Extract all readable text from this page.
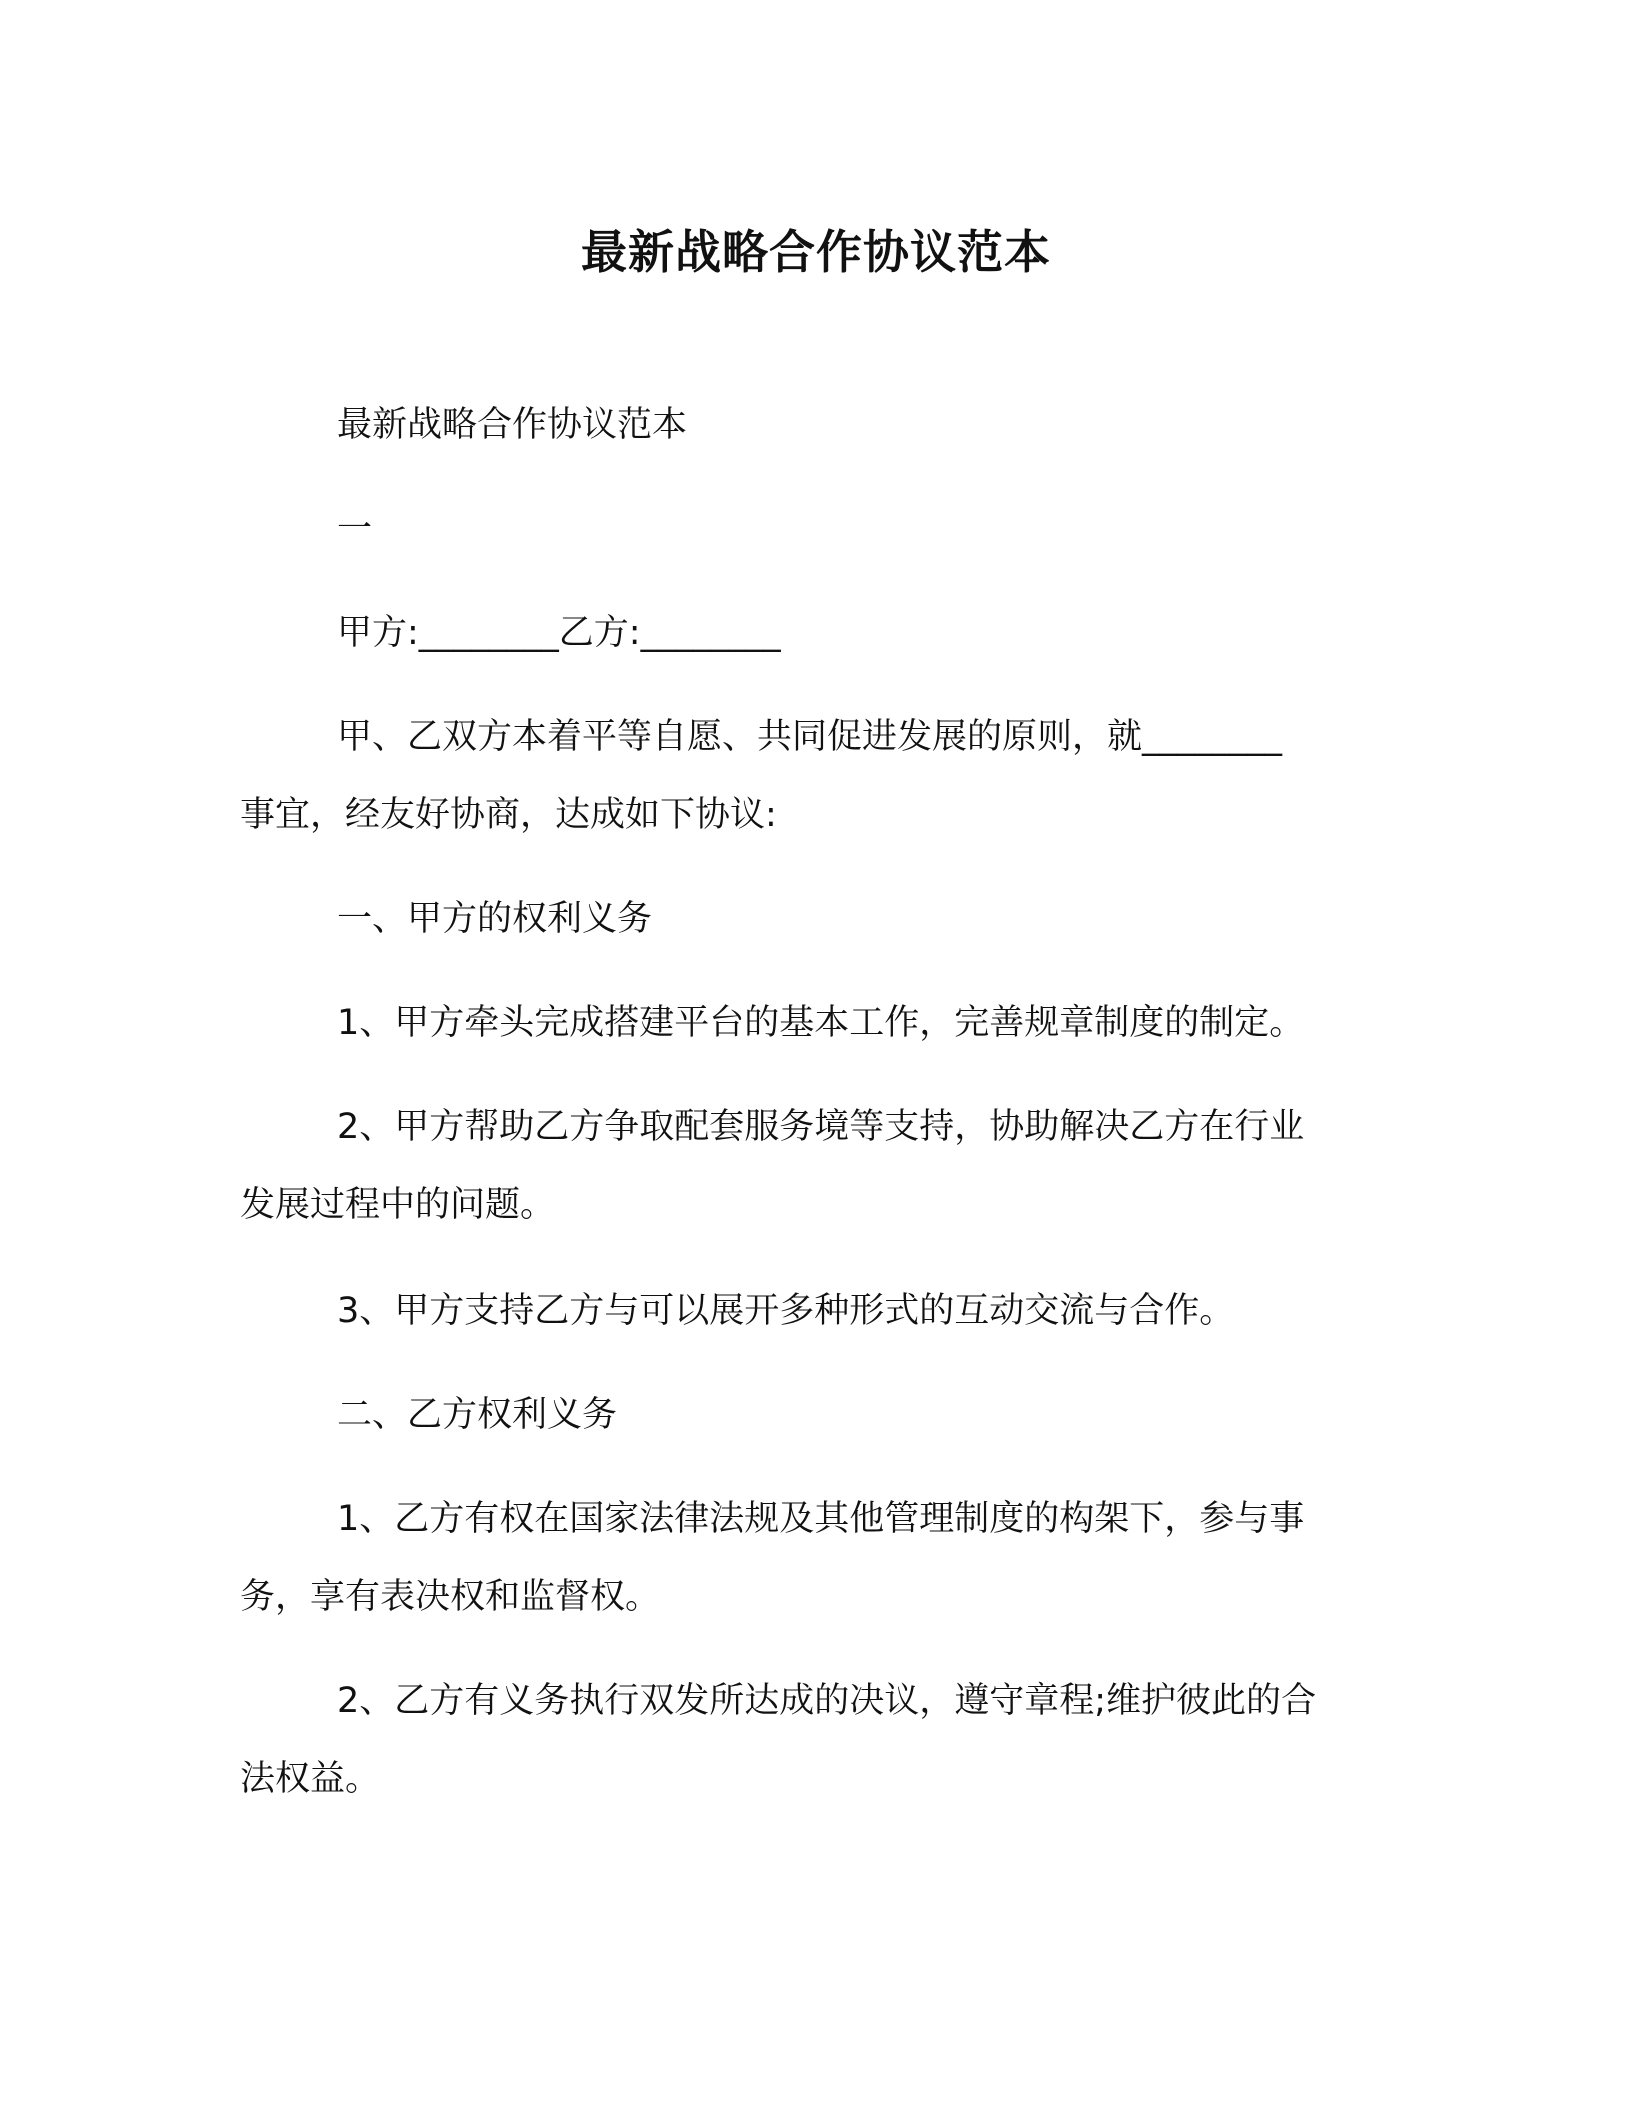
最新战略合作协议范本
最新战略合作协议范本
一
甲方:________乙方:________
甲、乙双方本着平等自愿、共同促进发展的原则，就________
事宜，经友好协商，达成如下协议:
一、甲方的权利义务
1、甲方牵头完成搭建平台的基本工作，完善规章制度的制定。
2、甲方帮助乙方争取配套服务境等支持，协助解决乙方在行业
发展过程中的问题。
3、甲方支持乙方与可以展开多种形式的互动交流与合作。
二、乙方权利义务
1、乙方有权在国家法律法规及其他管理制度的构架下，参与事
务，享有表决权和监督权。
2、乙方有义务执行双发所达成的决议，遵守章程;维护彼此的合
法权益。
